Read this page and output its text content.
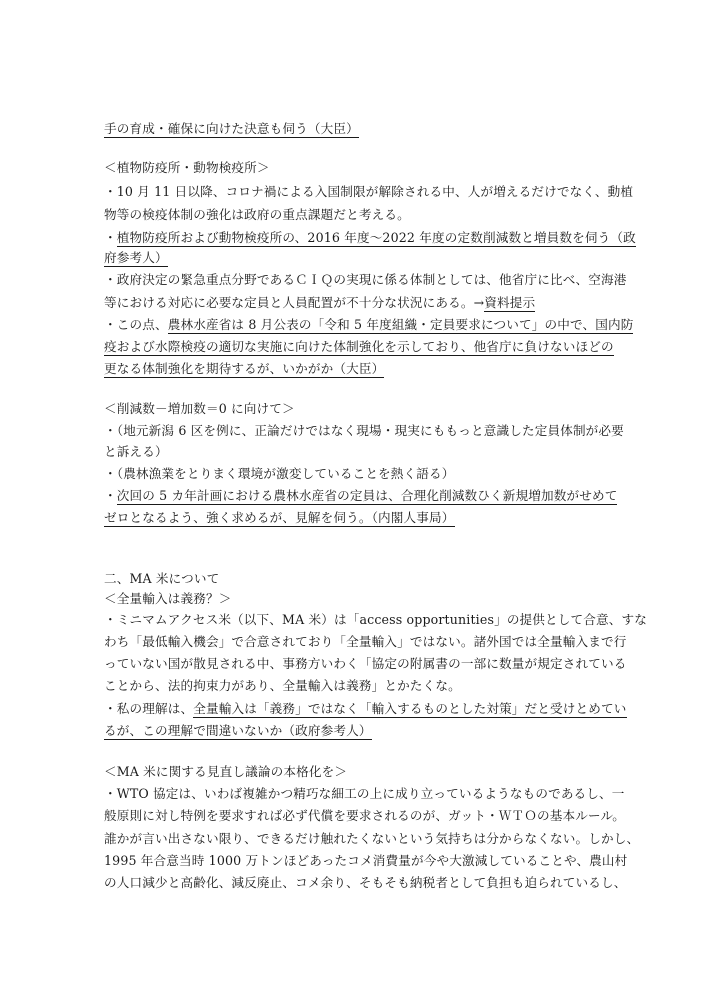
手の育成・確保に向けた決意も伺う（大臣）
＜植物防疫所・動物検疫所＞
・10 月 11 日以降、コロナ禍による入国制限が解除される中、人が増えるだけでなく、動植
物等の検疫体制の強化は政府の重点課題だと考える。
・植物防疫所および動物検疫所の、2016 年度～2022 年度の定数削減数と増員数を伺う（政
府参考人）
・政府決定の緊急重点分野であるＣＩＱの実現に係る体制としては、他省庁に比べ、空海港
等における対応に必要な定員と人員配置が不十分な状況にある。→資料提示
・この点、農林水産省は 8 月公表の「令和 5 年度組織・定員要求について」の中で、国内防
疫および水際検疫の適切な実施に向けた体制強化を示しており、他省庁に負けないほどの
更なる体制強化を期待するが、いかがか（大臣）
＜削減数－増加数＝0 に向けて＞
・（地元新潟 6 区を例に、正論だけではなく現場・現実にももっと意識した定員体制が必要
と訴える）
・（農林漁業をとりまく環境が激変していることを熱く語る）
・次回の 5 カ年計画における農林水産省の定員は、合理化削減数ひく新規増加数がせめて
ゼロとなるよう、強く求めるが、見解を伺う。（内閣人事局）
二、MA 米について
＜全量輸入は義務？＞
・ミニマムアクセス米（以下、MA 米）は「access opportunities」の提供として合意、すな
わち「最低輸入機会」で合意されており「全量輸入」ではない。諸外国では全量輸入まで行
っていない国が散見される中、事務方いわく「協定の附属書の一部に数量が規定されている
ことから、法的拘束力があり、全量輸入は義務」とかたくな。
・私の理解は、全量輸入は「義務」ではなく「輸入するものとした対策」だと受けとめてい
るが、この理解で間違いないか（政府参考人）
＜MA 米に関する見直し議論の本格化を＞
・WTO 協定は、いわば複雑かつ精巧な細工の上に成り立っているようなものであるし、一
般原則に対し特例を要求すれば必ず代償を要求されるのが、ガット・ＷＴＯの基本ルール。
誰かが言い出さない限り、できるだけ触れたくないという気持ちは分からなくない。しかし、
1995 年合意当時 1000 万トンほどあったコメ消費量が今や大激減していることや、農山村
の人口減少と高齢化、減反廃止、コメ余り、そもそも納税者として負担も迫られているし、
